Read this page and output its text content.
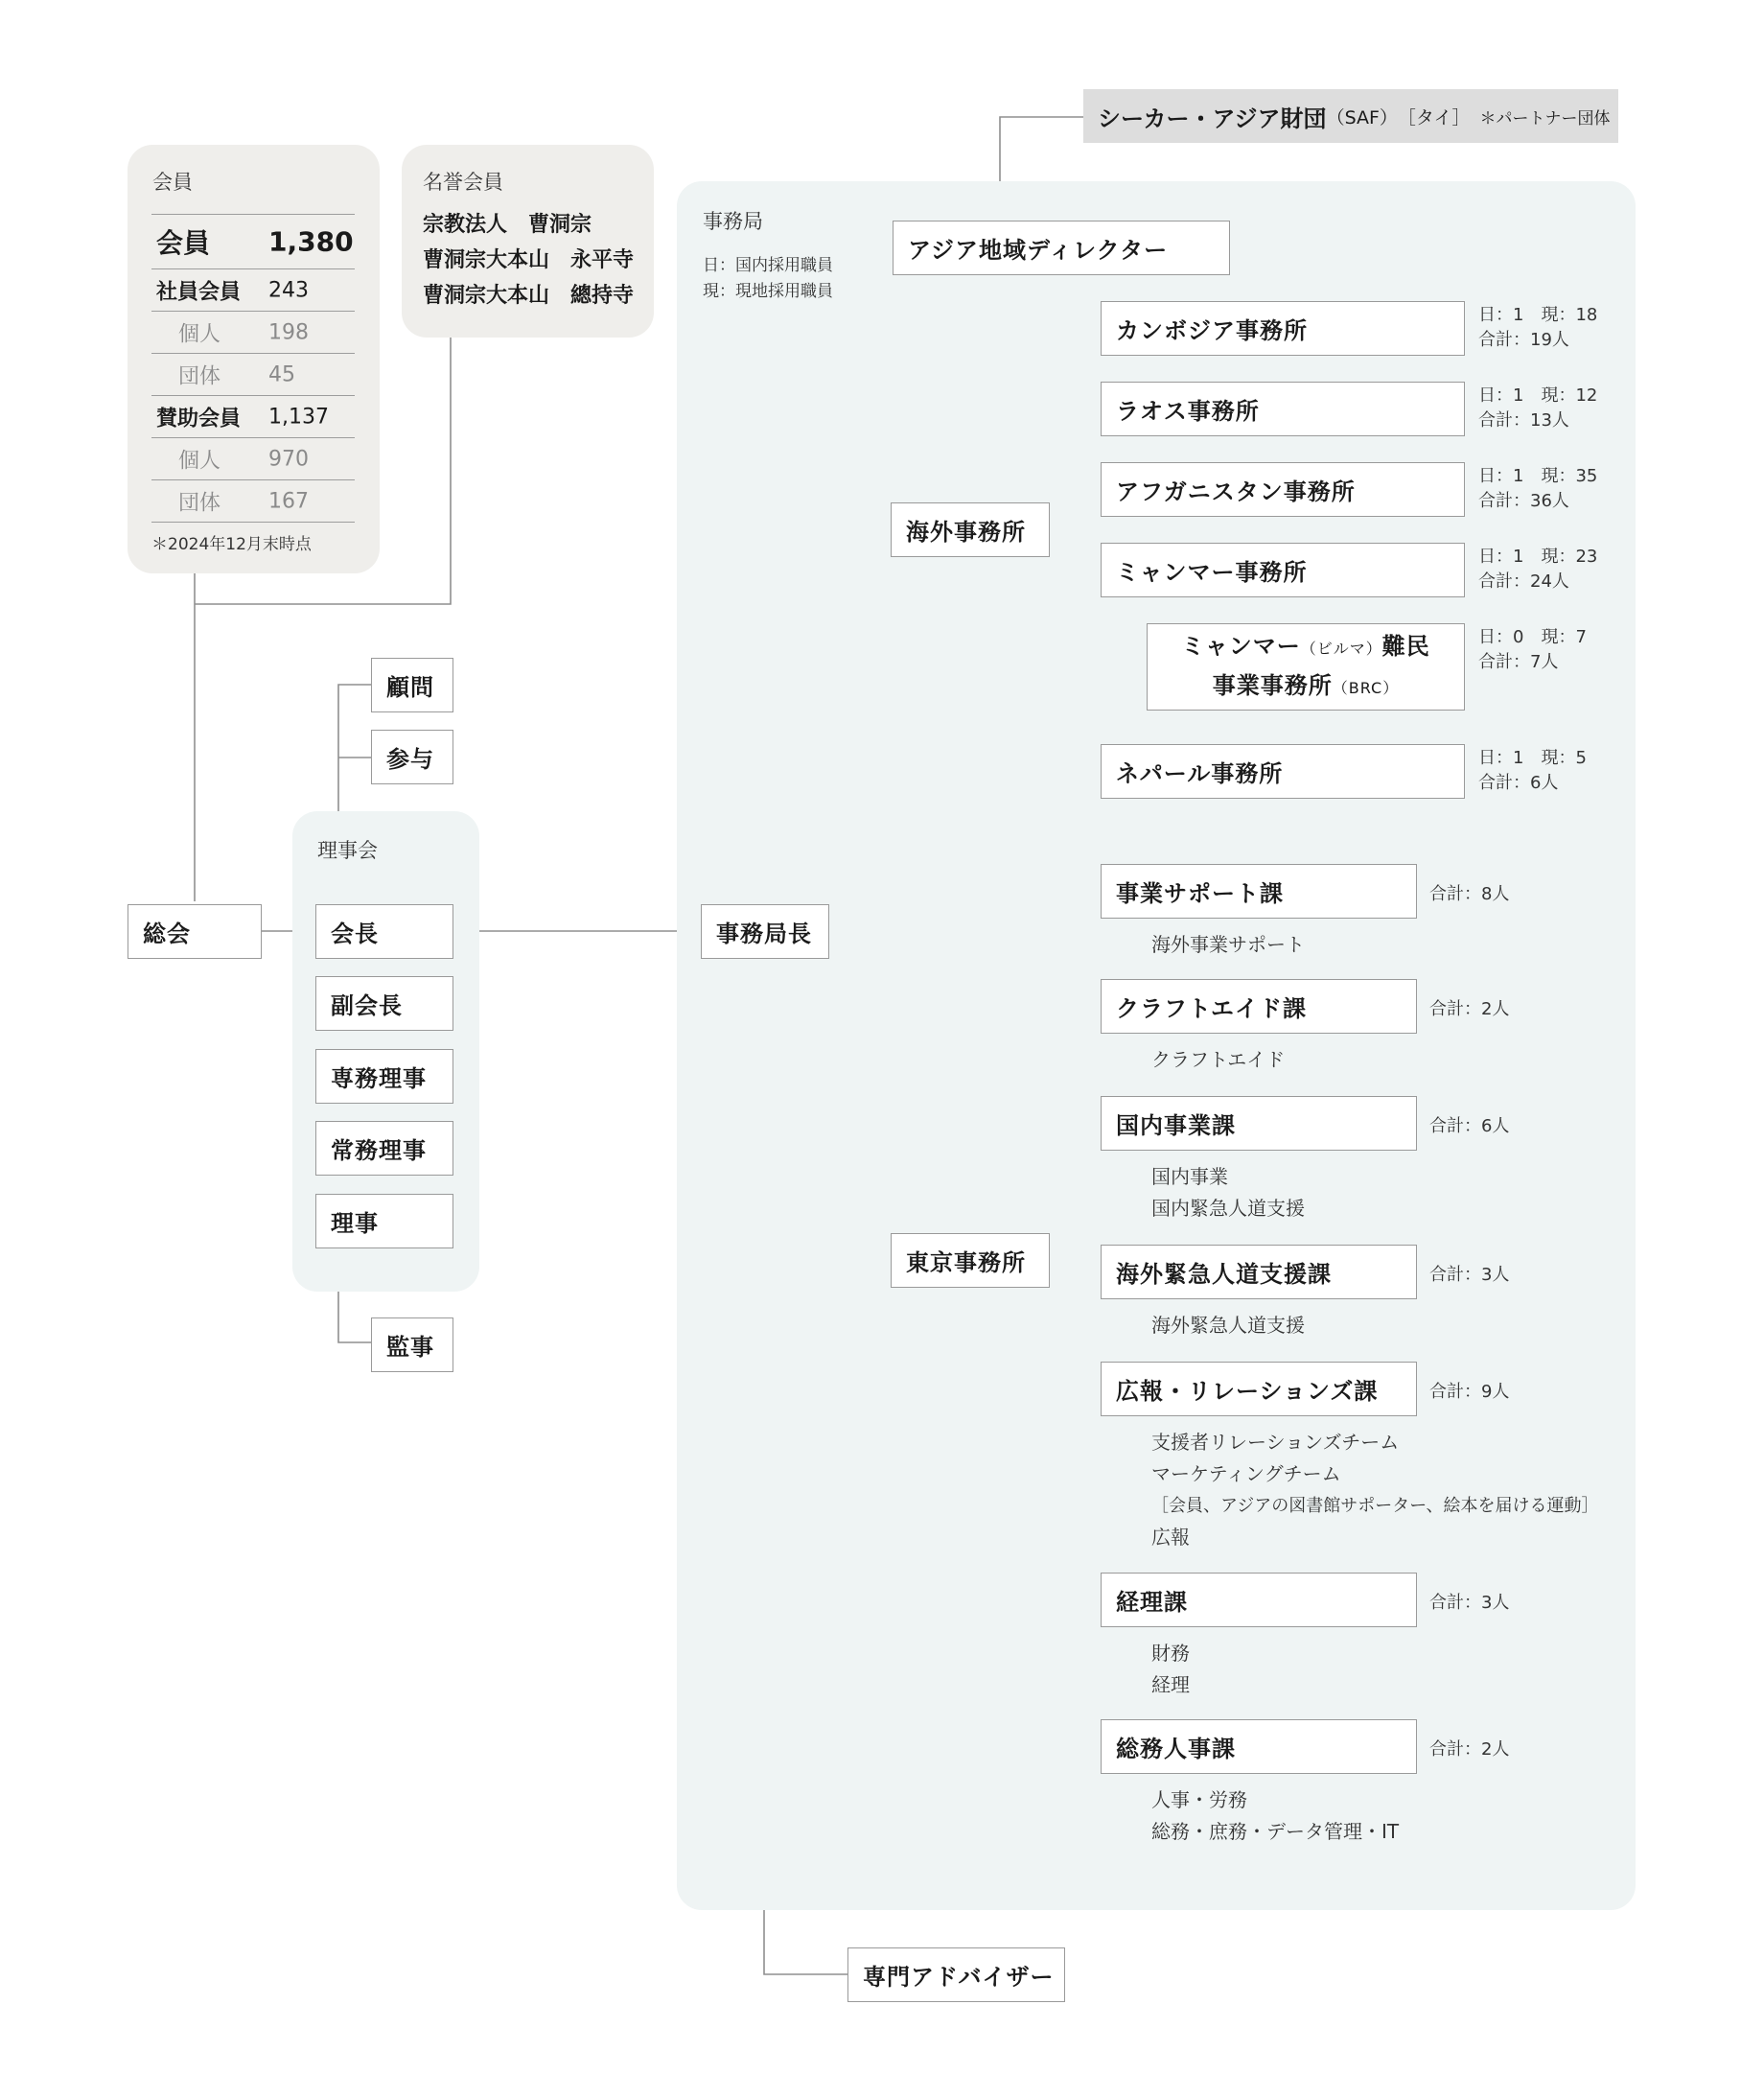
シーカー・アジア財団 （SAF） ［タイ］ ＊パートナー団体
会員
会員 1,380
社員会員 243
個人 198
団体 45
賛助会員 1,137
個人 970
団体 167
＊2024年12月末時点
名誉会員
宗教法人　曹洞宗
曹洞宗大本山　永平寺
曹洞宗大本山　總持寺
総会
顧問
参与
理事会
会長
副会長
専務理事
常務理事
理事
監事
事務局
日：国内採用職員
現：現地採用職員
事務局長
アジア地域ディレクター
海外事務所
カンボジア事務所
日：1　現：18
合計：19人
ラオス事務所
日：1　現：12
合計：13人
アフガニスタン事務所
日：1　現：35
合計：36人
ミャンマー事務所
日：1　現：23
合計：24人
ミャンマー（ビルマ）難民
事業事務所（BRC）
日：0　現：7
合計：7人
ネパール事務所
日：1　現：5
合計：6人
東京事務所
事業サポート課	合計：8人
海外事業サポート
クラフトエイド課	合計：2人
クラフトエイド
国内事業課	合計：6人
国内事業
国内緊急人道支援
海外緊急人道支援課	合計：3人
海外緊急人道支援
広報・リレーションズ課	合計：9人
支援者リレーションズチーム
マーケティングチーム
［会員、アジアの図書館サポーター、絵本を届ける運動］
広報
経理課	合計：3人
財務
経理
総務人事課	合計：2人
人事・労務
総務・庶務・データ管理・IT
専門アドバイザー
